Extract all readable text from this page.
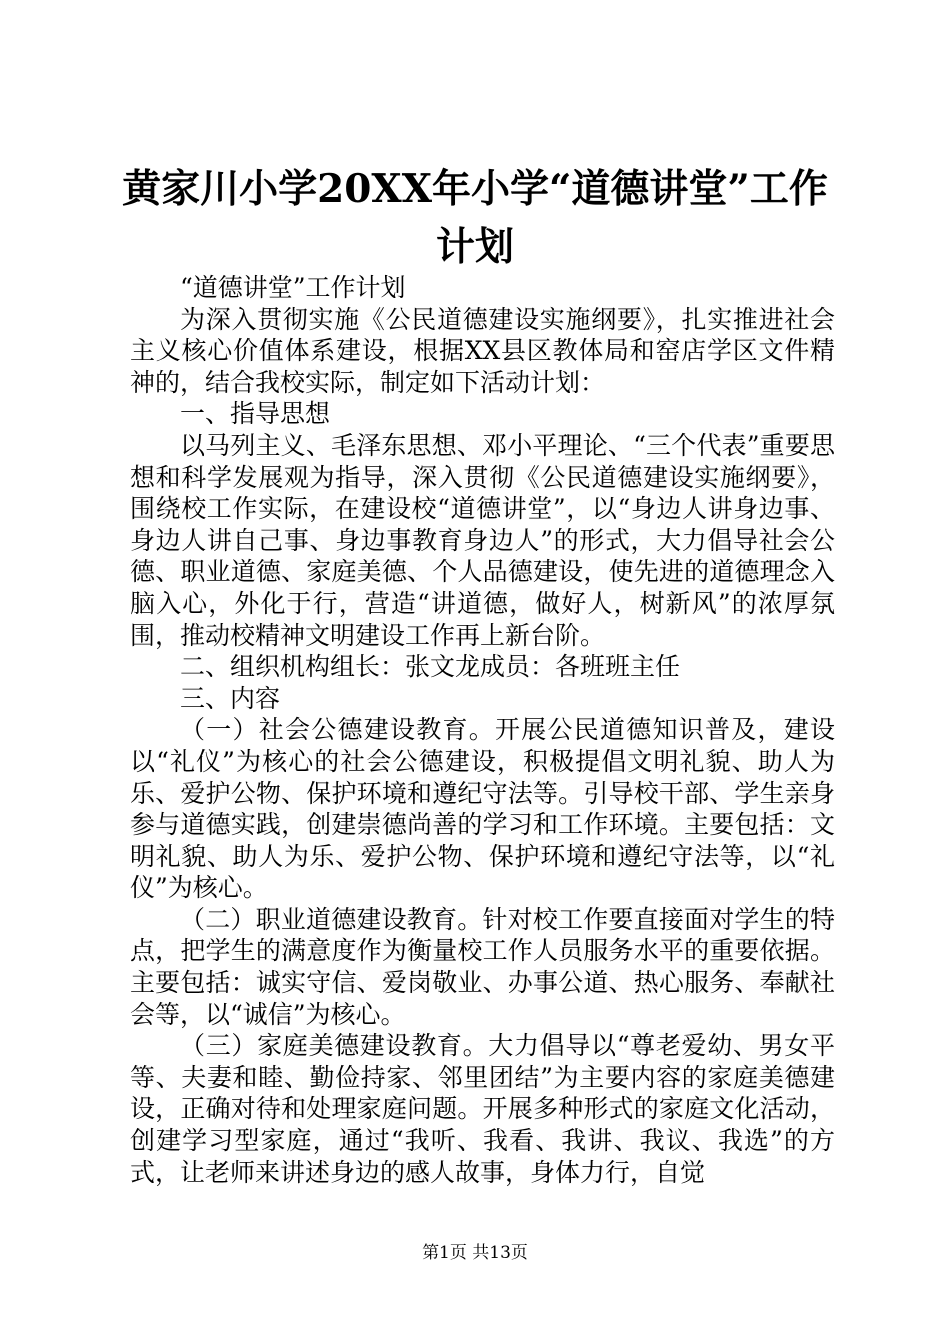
黄家川小学20XX年小学“道德讲堂”工作计划

“道德讲堂”工作计划

为深入贯彻实施《公民道德建设实施纲要》，扎实推进社会主义核心价值体系建设，根据XX县区教体局和窑店学区文件精神的，结合我校实际，制定如下活动计划：

一、指导思想

以马列主义、毛泽东思想、邓小平理论、“三个代表”重要思想和科学发展观为指导，深入贯彻《公民道德建设实施纲要》，围绕校工作实际，在建设校“道德讲堂”，以“身边人讲身边事、身边人讲自己事、身边事教育身边人”的形式，大力倡导社会公德、职业道德、家庭美德、个人品德建设，使先进的道德理念入脑入心，外化于行，营造“讲道德，做好人，树新风”的浓厚氛围，推动校精神文明建设工作再上新台阶。

二、组织机构组长：张文龙成员：各班班主任

三、内容

（一）社会公德建设教育。开展公民道德知识普及，建设以“礼仪”为核心的社会公德建设，积极提倡文明礼貌、助人为乐、爱护公物、保护环境和遵纪守法等。引导校干部、学生亲身参与道德实践，创建崇德尚善的学习和工作环境。主要包括：文明礼貌、助人为乐、爱护公物、保护环境和遵纪守法等，以“礼仪”为核心。

（二）职业道德建设教育。针对校工作要直接面对学生的特点，把学生的满意度作为衡量校工作人员服务水平的重要依据。主要包括：诚实守信、爱岗敬业、办事公道、热心服务、奉献社会等，以“诚信”为核心。

（三）家庭美德建设教育。大力倡导以“尊老爱幼、男女平等、夫妻和睦、勤俭持家、邻里团结”为主要内容的家庭美德建设，正确对待和处理家庭问题。开展多种形式的家庭文化活动，创建学习型家庭，通过“我听、我看、我讲、我议、我选”的方式，让老师来讲述身边的感人故事，身体力行，自觉

第1页 共13页
